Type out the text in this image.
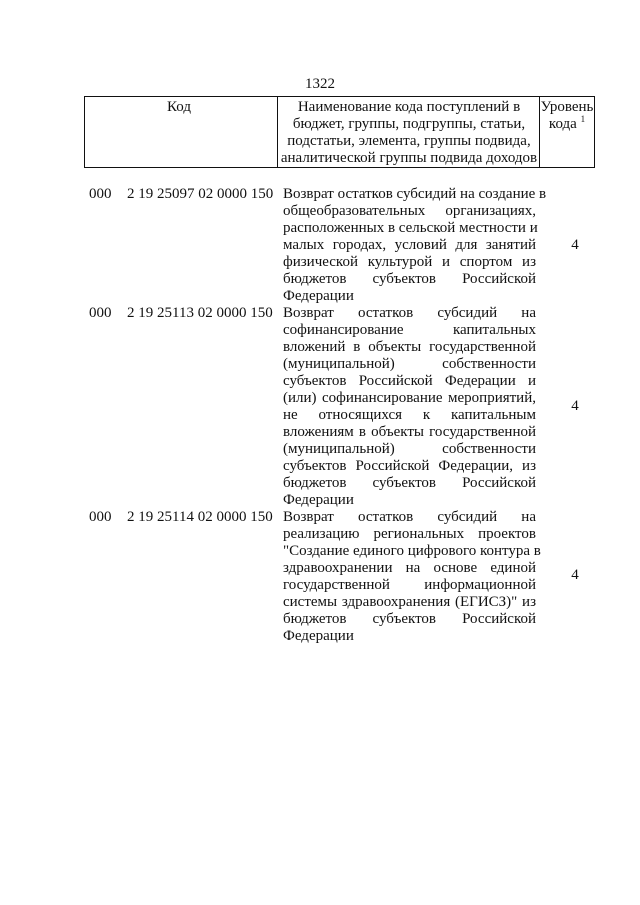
1322
Код	Наименование кода поступлений в
бюджет, группы, подгруппы, статьи,
подстатьи, элемента, группы подвида,
аналитической группы подвида доходов
Уровень
кода $^1$
000 2 19 25097 02 0000 150 Возврат остатков субсидий на создание в
общеобразовательных организациях,
расположенных в сельской местности и
малых городах, условий для занятий
физической культурой и спортом из
бюджетов субъектов Российской
Федерации
4
000 2 19 25113 02 0000 150 Возврат остатков субсидий на
софинансирование капитальных
вложений в объекты государственной
(муниципальной) собственности
субъектов Российской Федерации и
(или) софинансирование мероприятий,
не относящихся к капитальным
вложениям в объекты государственной
(муниципальной) собственности
субъектов Российской Федерации, из
бюджетов субъектов Российской
Федерации
4
000 2 19 25114 02 0000 150 Возврат остатков субсидий на
реализацию региональных проектов
"Создание единого цифрового контура в
здравоохранении на основе единой
государственной информационной
системы здравоохранения (ЕГИСЗ)" из
бюджетов субъектов Российской
Федерации
4
